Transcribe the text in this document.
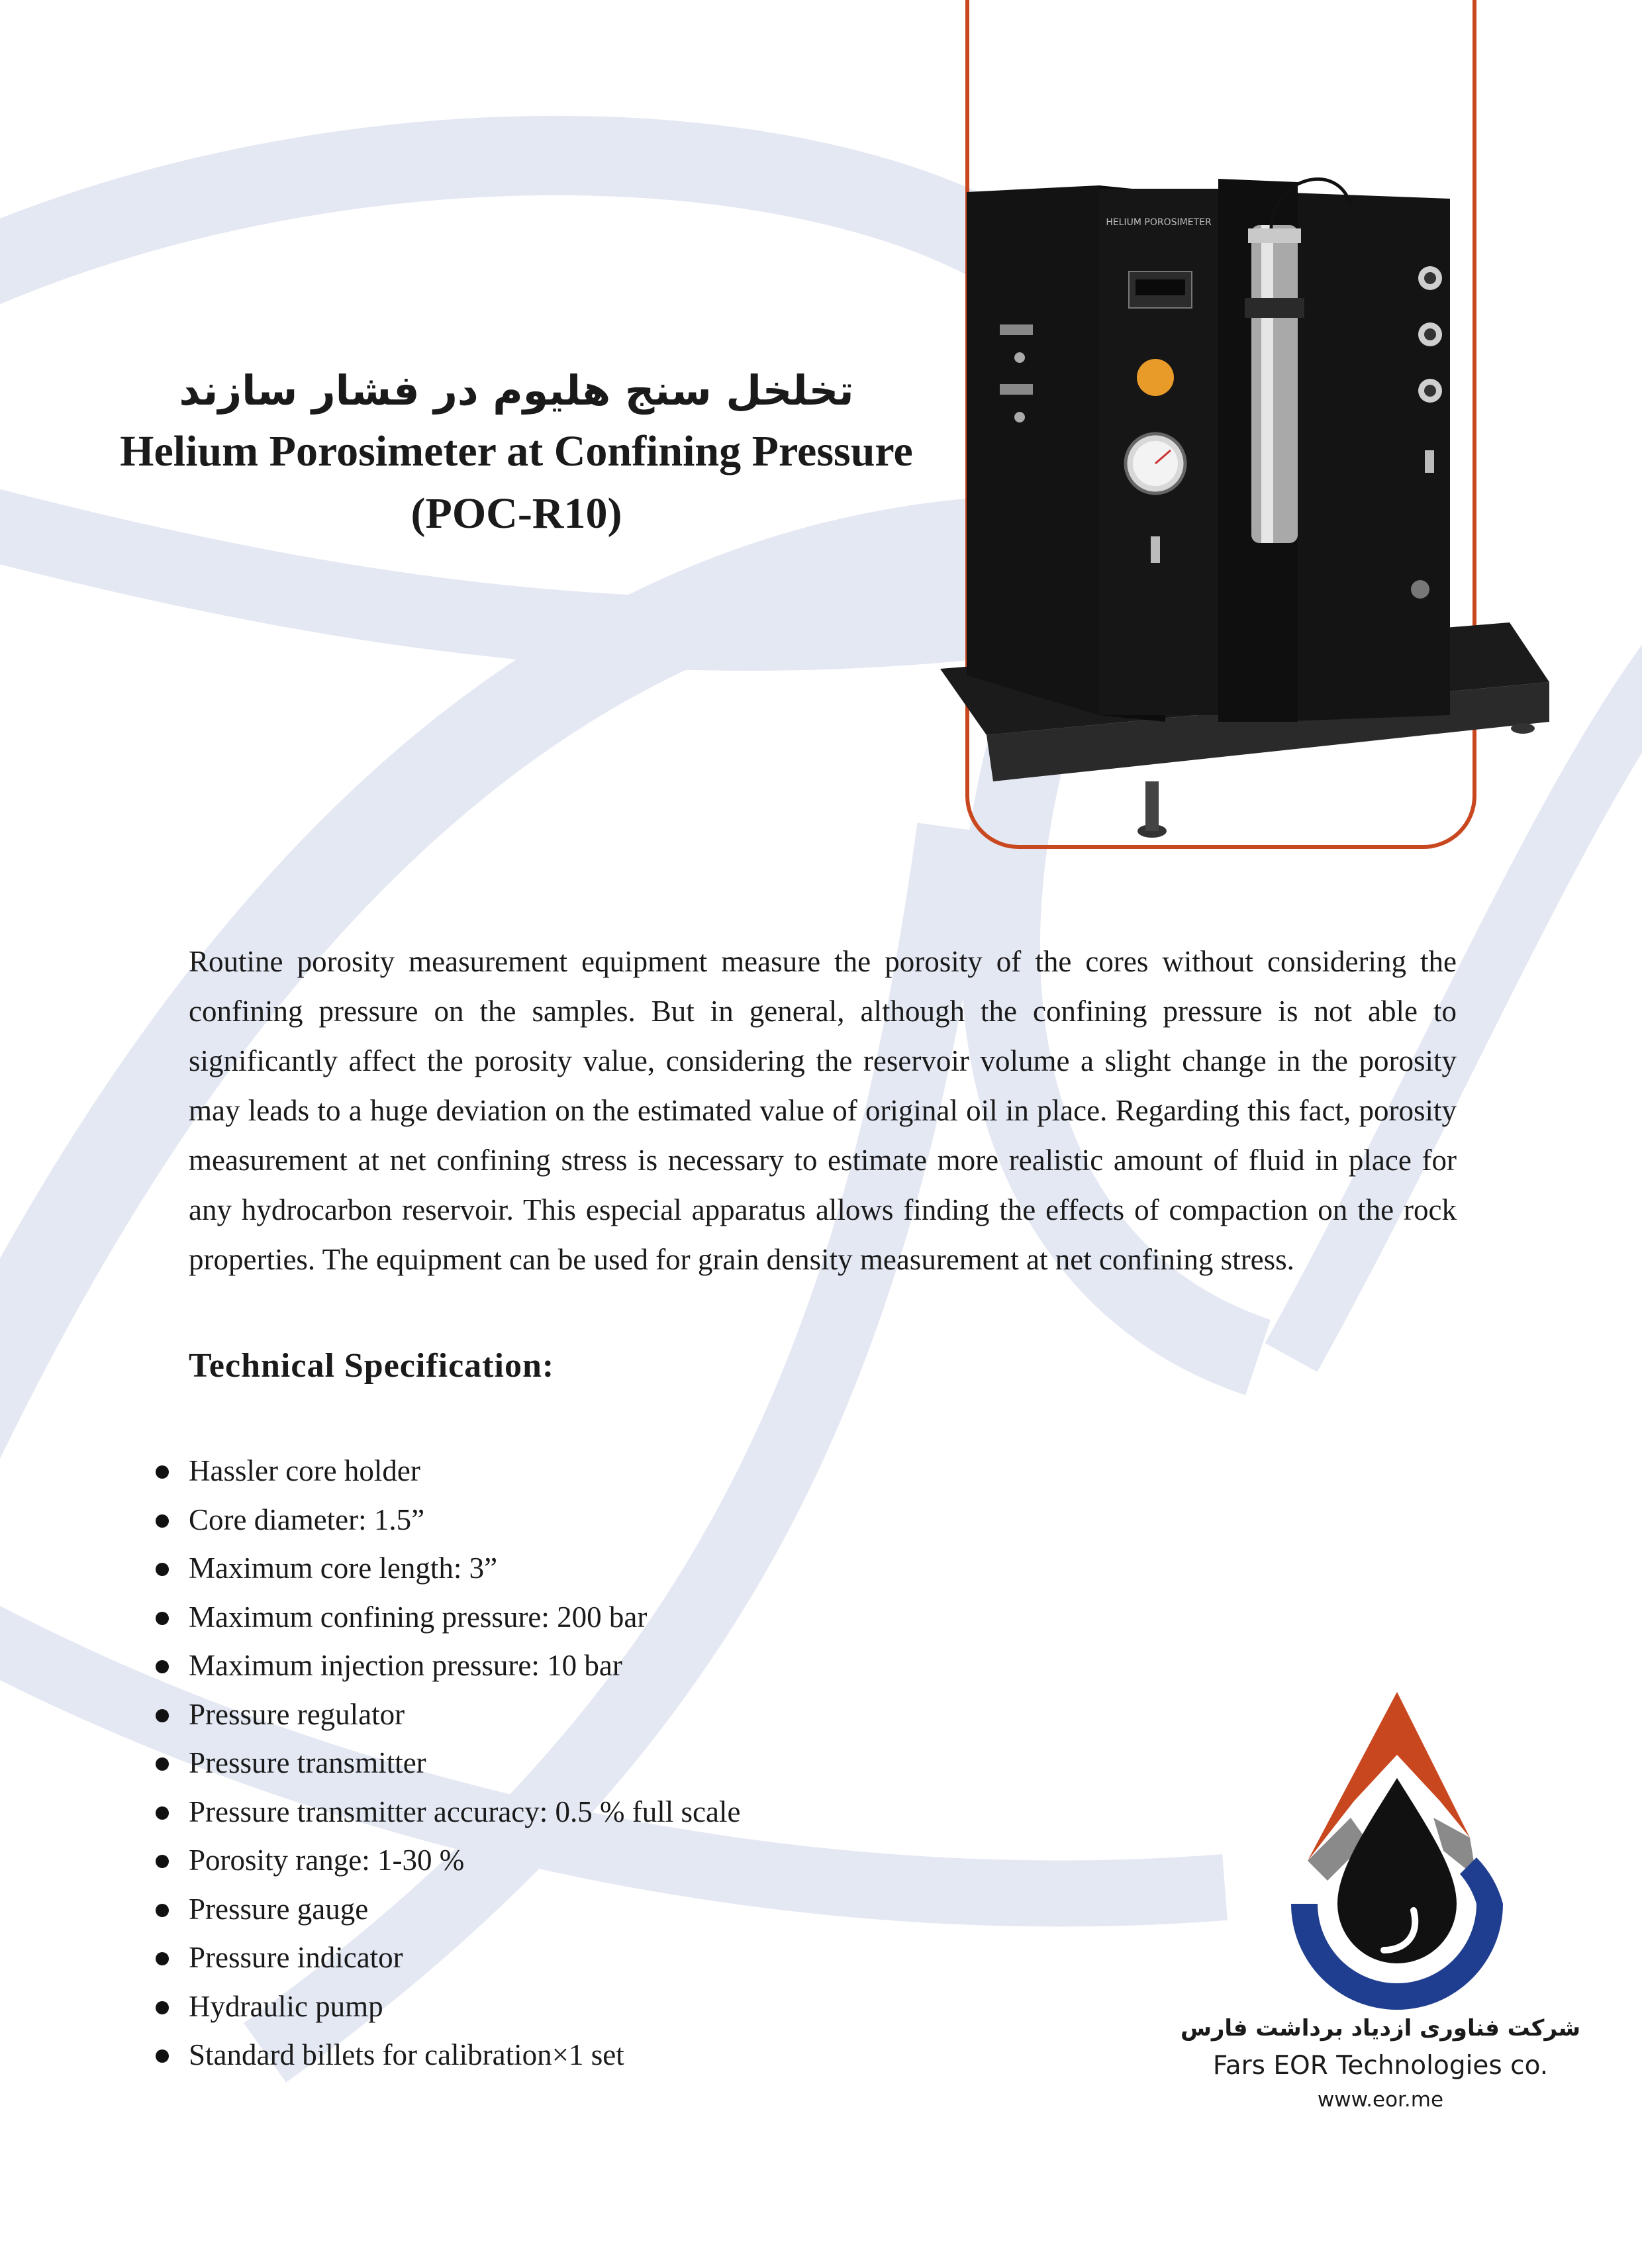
HELIUM POROSIMETER
تخلخل سنج هلیوم در فشار سازند
Helium Porosimeter at Confining Pressure
(POC-R10)

Routine porosity measurement equipment measure the porosity of the cores without considering the confining pressure on the samples. But in general, although the confining pressure is not able to significantly affect the porosity value, considering the reservoir volume a slight change in the porosity may leads to a huge deviation on the estimated value of original oil in place. Regarding this fact, porosity measurement at net confining stress is necessary to estimate more realistic amount of fluid in place for any hydrocarbon reservoir. This especial apparatus allows finding the effects of compaction on the rock properties. The equipment can be used for grain density measurement at net confining stress.

Technical Specification:
Hassler core holder
Core diameter: 1.5”
Maximum core length: 3”
Maximum confining pressure: 200 bar
Maximum injection pressure: 10 bar
Pressure regulator
Pressure transmitter
Pressure transmitter accuracy: 0.5 % full scale
Porosity range: 1-30 %
Pressure gauge
Pressure indicator
Hydraulic pump
Standard billets for calibration×1 set
شرکت فناوری ازدیاد برداشت فارس
Fars EOR Technologies co.
www.eor.me
